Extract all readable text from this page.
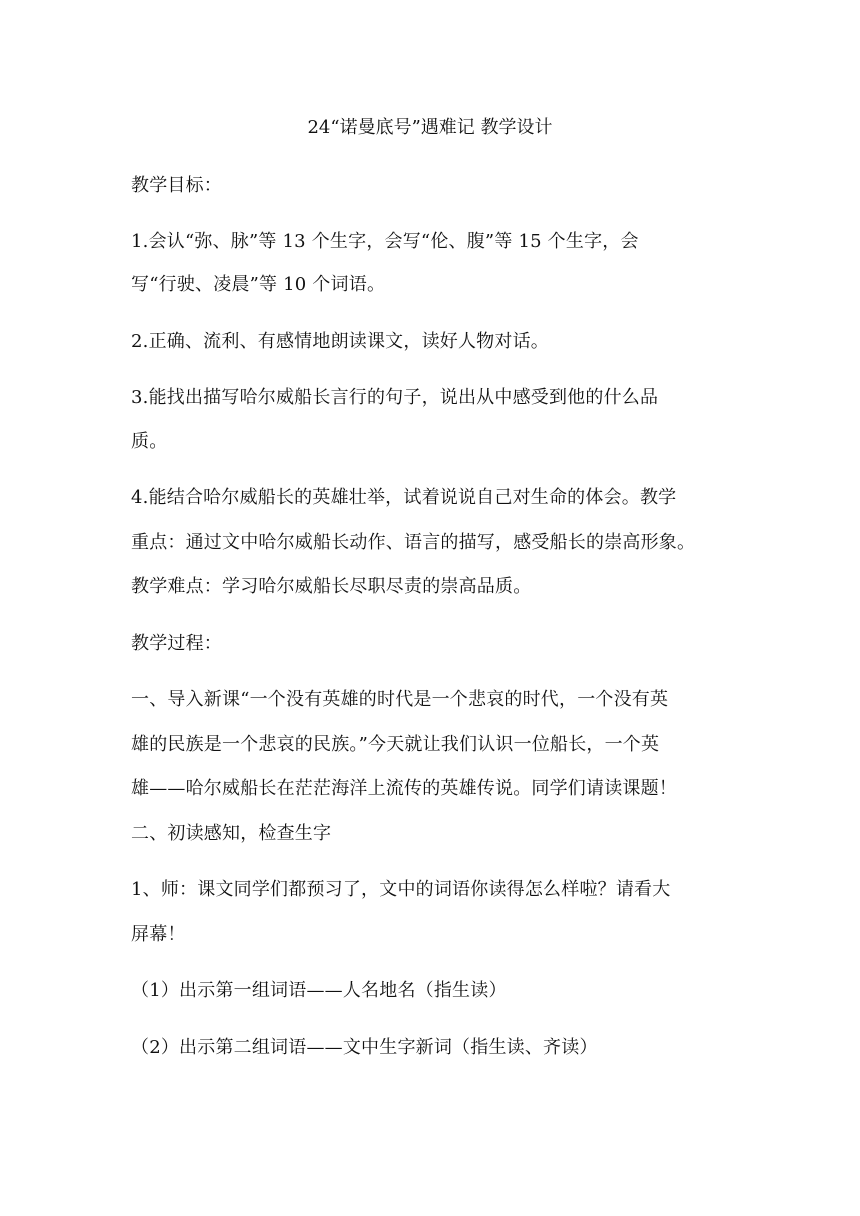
24“诺曼底号”遇难记 教学设计
教学目标：
1.会认“弥、脉”等 13 个生字，会写“伦、腹”等 15 个生字，会
写“行驶、凌晨”等 10 个词语。
2.正确、流利、有感情地朗读课文，读好人物对话。
3.能找出描写哈尔威船长言行的句子，说出从中感受到他的什么品
质。
4.能结合哈尔威船长的英雄壮举，试着说说自己对生命的体会。教学
重点：通过文中哈尔威船长动作、语言的描写，感受船长的崇高形象。
教学难点：学习哈尔威船长尽职尽责的崇高品质。
教学过程：
一、导入新课“一个没有英雄的时代是一个悲哀的时代，一个没有英
雄的民族是一个悲哀的民族。”今天就让我们认识一位船长，一个英
雄——哈尔威船长在茫茫海洋上流传的英雄传说。同学们请读课题！
二、初读感知，检查生字
1、师：课文同学们都预习了，文中的词语你读得怎么样啦？请看大
屏幕！
（1）出示第一组词语——人名地名（指生读）
（2）出示第二组词语——文中生字新词（指生读、齐读）
